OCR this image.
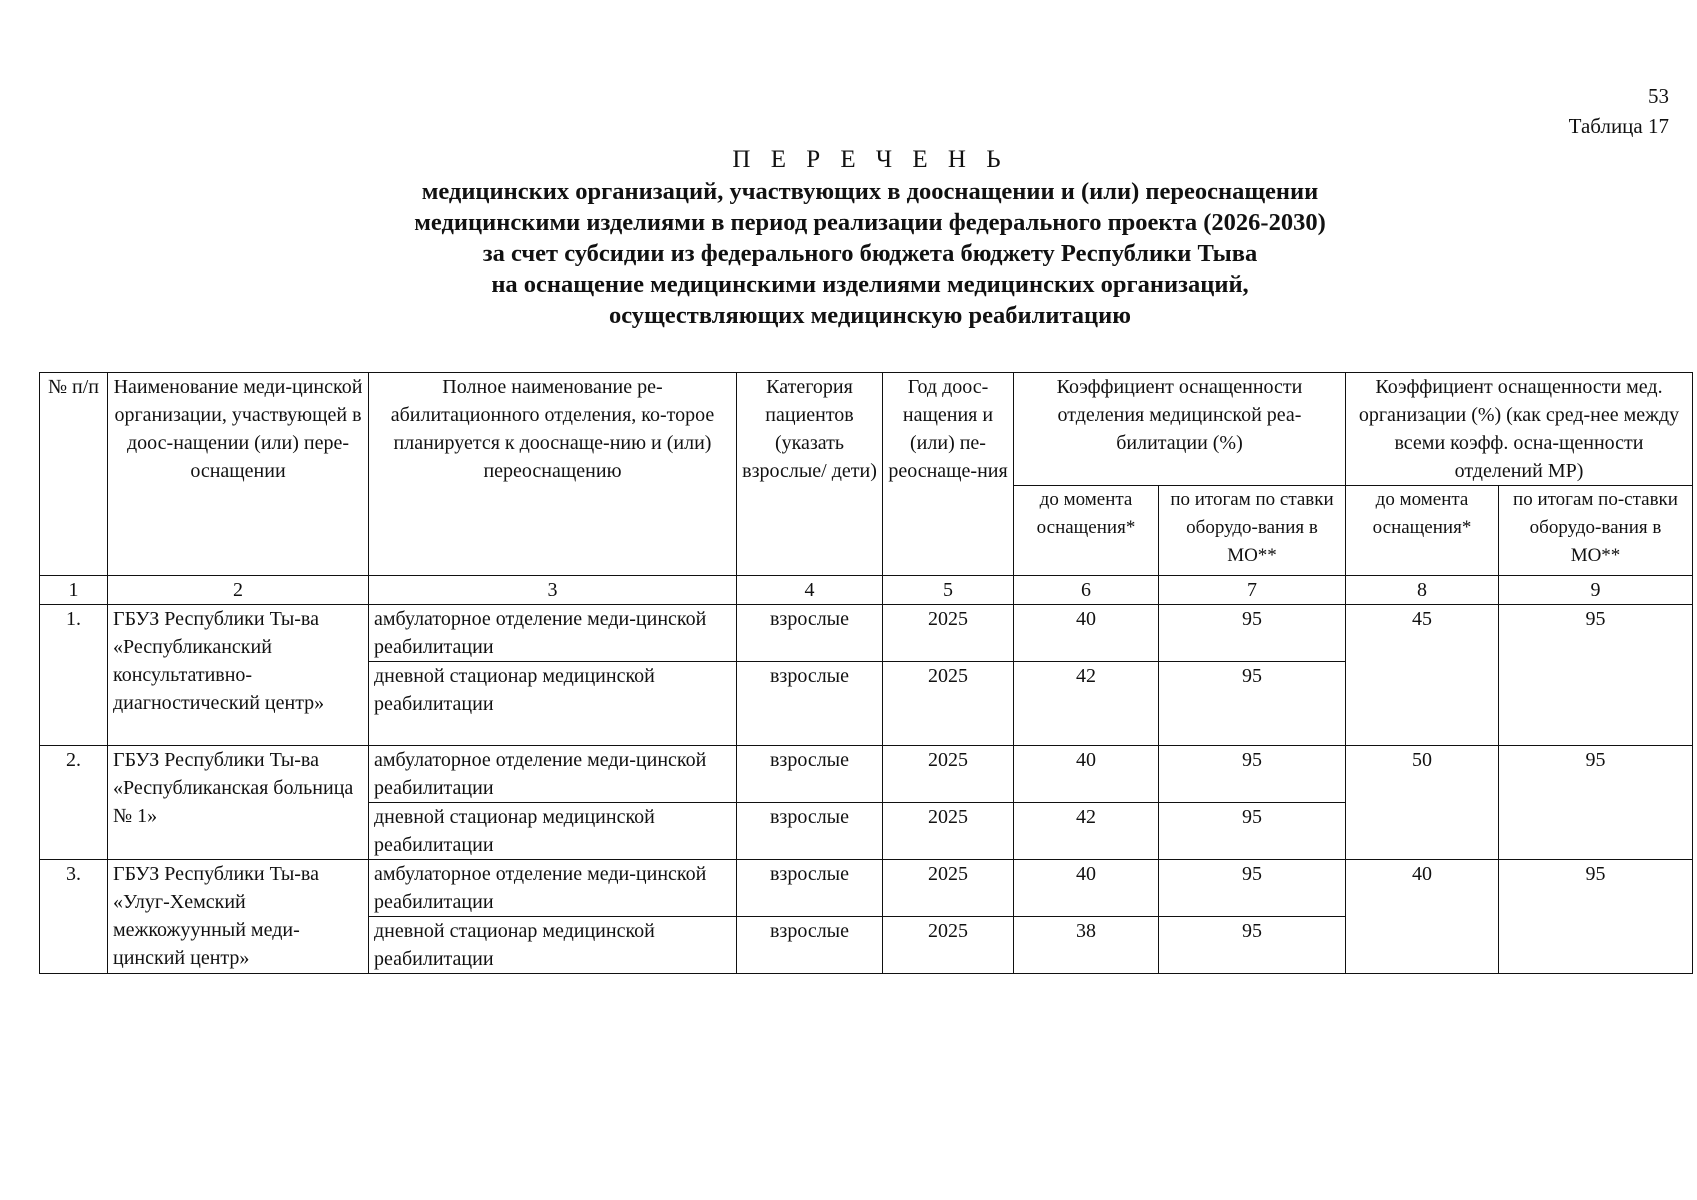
53
Таблица 17
П Е Р Е Ч Е Н Ь
медицинских организаций, участвующих в дооснащении и (или) переоснащении
медицинскими изделиями в период реализации федерального проекта (2026-2030)
за счет субсидии из федерального бюджета бюджету Республики Тыва
на оснащение медицинскими изделиями медицинских организаций,
осуществляющих медицинскую реабилитацию
№ п/п	Наименование меди-цинской организации, участвующей в доос-нащении (или) пере-оснащении	Полное наименование ре-абилитационного отделения, ко-торое планируется к дооснаще-нию и (или) переоснащению	Категория пациентов (указать взрослые/ дети)	Год доос-нащения и (или) пе-реоснаще-ния	Коэффициент оснащенности отделения медицинской реа-билитации (%)		Коэффициент оснащенности мед. организации (%) (как сред-нее между всеми коэфф. осна-щенности отделений МР)	
					до момента оснащения*	по итогам по ставки оборудо-вания в МО**	до момента оснащения*	по итогам по-ставки оборудо-вания в МО**
1	2	3	4	5	6	7	8	9
1.	ГБУЗ Республики Ты-ва «Республиканский консультативно-диагностический центр»	амбулаторное отделение меди-цинской реабилитации	взрослые	2025	40	95	45	95
		дневной стационар медицинской реабилитации	взрослые	2025	42	95		
2.	ГБУЗ Республики Ты-ва «Республиканская больница № 1»	амбулаторное отделение меди-цинской реабилитации	взрослые	2025	40	95	50	95
		дневной стационар медицинской реабилитации	взрослые	2025	42	95		
3.	ГБУЗ Республики Ты-ва «Улуг-Хемский межкожуунный меди-цинский центр»	амбулаторное отделение меди-цинской реабилитации	взрослые	2025	40	95	40	95
		дневной стационар медицинской реабилитации	взрослые	2025	38	95		
